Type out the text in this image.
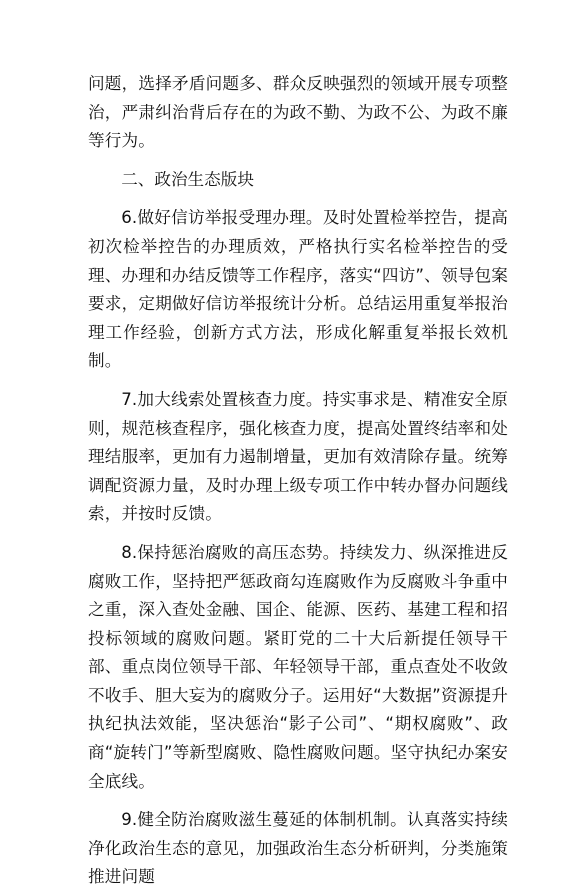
问题，选择矛盾问题多、群众反映强烈的领域开展专项整治，严肃纠治背后存在的为政不勤、为政不公、为政不廉等行为。

二、政治生态版块

6.做好信访举报受理办理。及时处置检举控告，提高初次检举控告的办理质效，严格执行实名检举控告的受理、办理和办结反馈等工作程序，落实“四访”、领导包案要求，定期做好信访举报统计分析。总结运用重复举报治理工作经验，创新方式方法，形成化解重复举报长效机制。

7.加大线索处置核查力度。持实事求是、精准安全原则，规范核查程序，强化核查力度，提高处置终结率和处理结服率，更加有力遏制增量，更加有效清除存量。统筹调配资源力量，及时办理上级专项工作中转办督办问题线索，并按时反馈。

8.保持惩治腐败的高压态势。持续发力、纵深推进反腐败工作，坚持把严惩政商勾连腐败作为反腐败斗争重中之重，深入查处金融、国企、能源、医药、基建工程和招投标领域的腐败问题。紧盯党的二十大后新提任领导干部、重点岗位领导干部、年轻领导干部，重点查处不收敛不收手、胆大妄为的腐败分子。运用好“大数据”资源提升执纪执法效能，坚决惩治“影子公司”、“期权腐败”、政商“旋转门”等新型腐败、隐性腐败问题。坚守执纪办案安全底线。

9.健全防治腐败滋生蔓延的体制机制。认真落实持续净化政治生态的意见，加强政治生态分析研判，分类施策推进问题
